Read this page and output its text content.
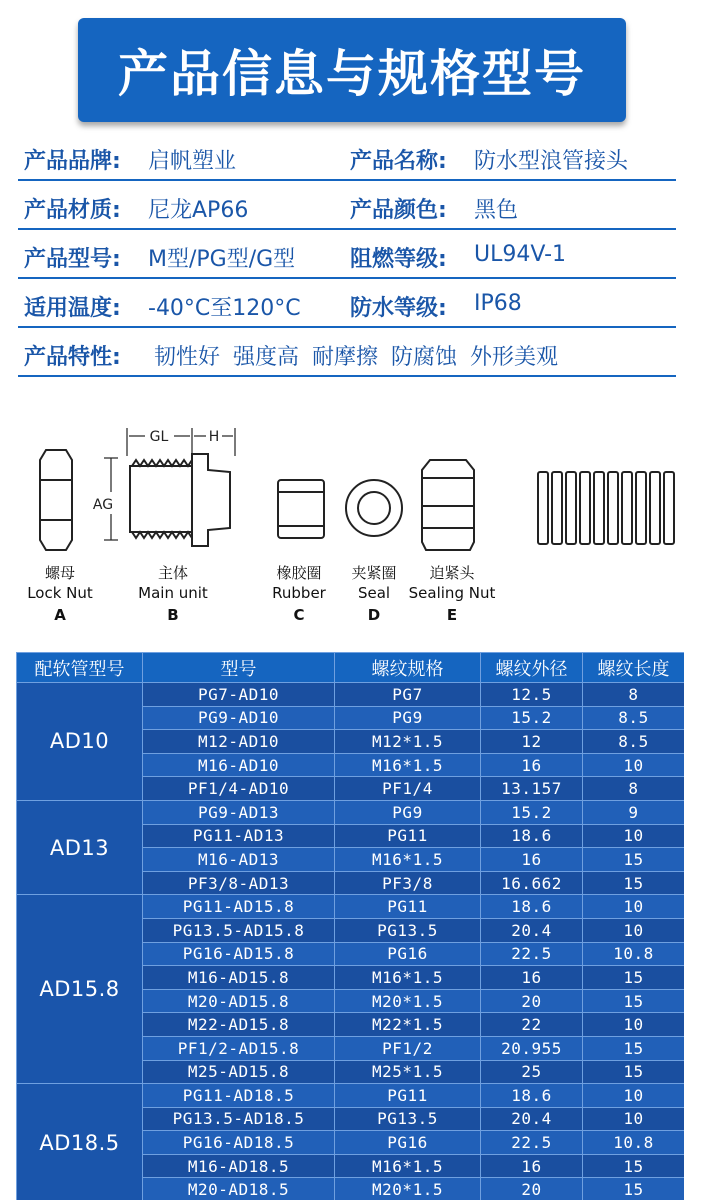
产品信息与规格型号
产品品牌: 启帆塑业	产品名称: 防水型浪管接头
产品材质: 尼龙AP66	产品颜色: 黑色
产品型号: M型/PG型/G型 阻燃等级: UL94V-1
适用温度: -40°C至120°C 防水等级: IP68
产品特性: 韧性好 强度高 耐摩擦 防腐蚀 外形美观
GL	H
AG
螺母
Lock Nut
A
主体
Main unit
B
橡胶圈
Rubber
C
夹紧圈
Seal
D
迫紧头
Sealing Nut
E
配软管型号	型号	螺纹规格	螺纹外径	螺纹长度
AD10	PG7-AD10	PG7	12.5	8
	PG9-AD10	PG9	15.2	8.5
	M12-AD10	M12*1.5	12	8.5
	M16-AD10	M16*1.5	16	10
	PF1/4-AD10	PF1/4	13.157	8
AD13	PG9-AD13	PG9	15.2	9
	PG11-AD13	PG11	18.6	10
	M16-AD13	M16*1.5	16	15
	PF3/8-AD13	PF3/8	16.662	15
AD15.8	PG11-AD15.8	PG11	18.6	10
	PG13.5-AD15.8	PG13.5	20.4	10
	PG16-AD15.8	PG16	22.5	10.8
	M16-AD15.8	M16*1.5	16	15
	M20-AD15.8	M20*1.5	20	15
	M22-AD15.8	M22*1.5	22	10
	PF1/2-AD15.8	PF1/2	20.955	15
	M25-AD15.8	M25*1.5	25	15
AD18.5	PG11-AD18.5	PG11	18.6	10
	PG13.5-AD18.5	PG13.5	20.4	10
	PG16-AD18.5	PG16	22.5	10.8
	M16-AD18.5	M16*1.5	16	15
	M20-AD18.5	M20*1.5	20	15
